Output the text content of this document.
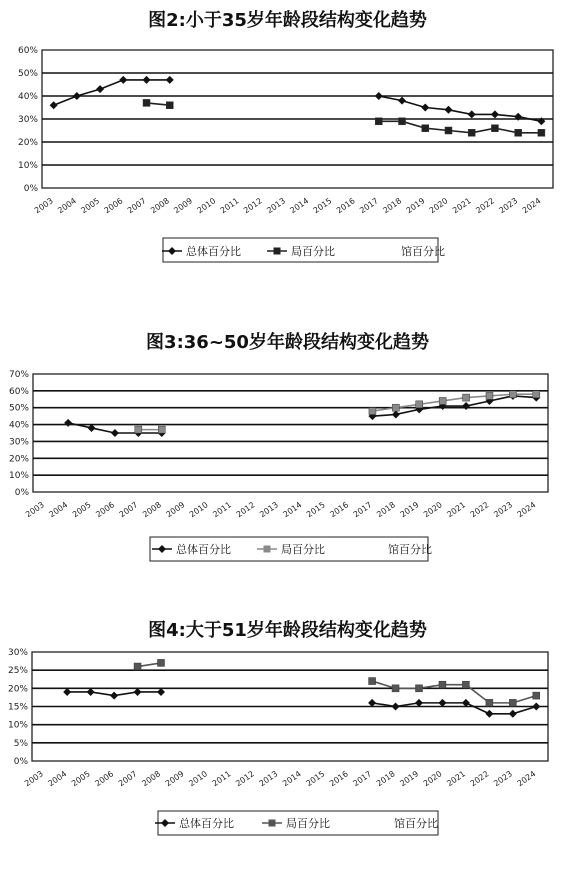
图2:小于35岁年龄段结构变化趋势
0%
10%
20%
30%
40%
50%
60%
2003 2004 2005 2006 2007 2008 2009 2010 2011 2012 2013 2014 2015 2016 2017 2018 2019 2020 2021 2022 2023 2024
总体百分比	局百分比	馆百分比
图3:36~50岁年龄段结构变化趋势
0%
10%
20%
30%
40%
50%
60%
70%
2003 2004 2005 2006 2007 2008 2009 2010 2011 2012 2013 2014 2015 2016 2017 2018 2019 2020 2021 2022 2023 2024
总体百分比	局百分比	馆百分比
图4:大于51岁年龄段结构变化趋势
0%
5%
10%
15%
20%
25%
30%
2003 2004 2005 2006 2007 2008 2009 2010 2011 2012 2013 2014 2015 2016 2017 2018 2019 2020 2021 2022 2023 2024
总体百分比	局百分比	馆百分比
